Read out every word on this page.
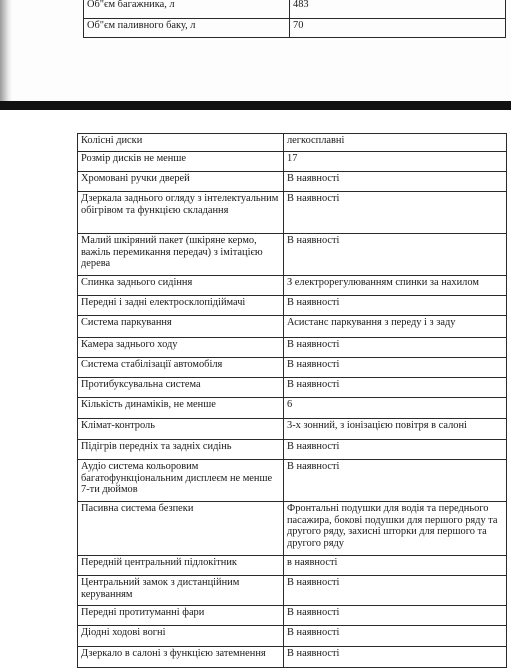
Об"єм багажника, л	483
Об"єм паливного баку, л	70
Колісні диски	легкосплавні
Розмір дисків не менше	17
Хромовані ручки дверей	В наявності
Дзеркала заднього огляду з інтелектуальним обігрівом та функцією складання	В наявності
Малий шкіряний пакет (шкіряне кермо, важіль перемикання передач) з імітацією дерева	В наявності
Спинка заднього сидіння	З електрорегулюванням спинки за нахилом
Передні і задні електросклопідіймачі	В наявності
Система паркування	Асистанс паркування з переду і з заду
Камера заднього ходу	В наявності
Система стабілізації автомобіля	В наявності
Протибуксувальна система	В наявності
Кількість динаміків, не менше	6
Клімат-контроль	3-х зонний, з іонізацією повітря в салоні
Підігрів передніх та задніх сидінь	В наявності
Аудіо система кольоровим багатофункціональним дисплеєм не менше 7-ти дюймов	В наявності
Пасивна система безпеки	Фронтальні подушки для водія та переднього пасажира, бокові подушки для першого ряду та другого ряду, захисні шторки для першого та другого ряду
Передній центральний підлокітник	в наявності
Центральний замок з дистанційним керуванням	В наявності
Передні протитуманні фари	В наявності
Діодні ходові вогні	В наявності
Дзеркало в салоні з функцією затемнення	В наявності
